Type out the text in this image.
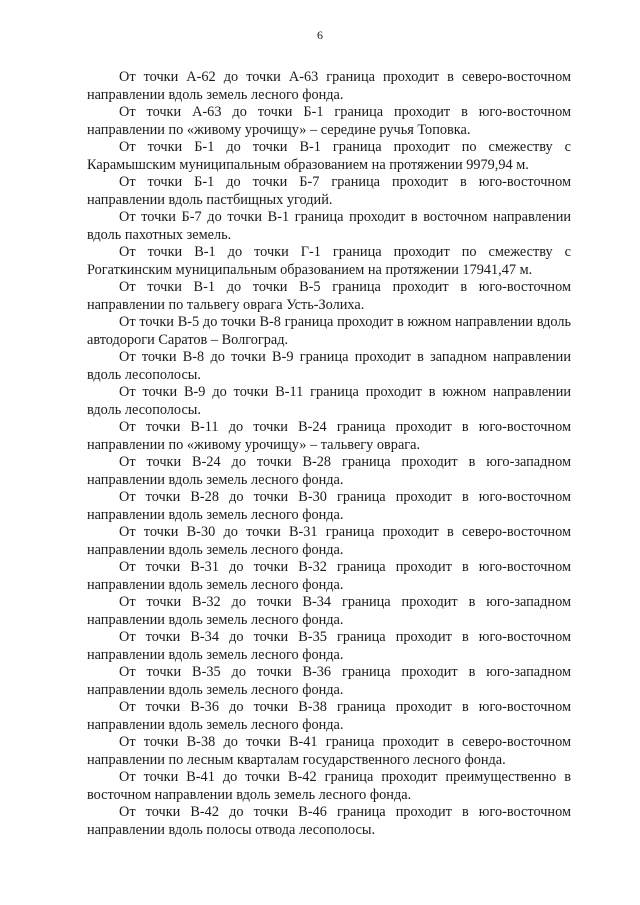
6

От точки А-62 до точки А-63 граница проходит в северо-восточном направлении вдоль земель лесного фонда.

От точки А-63 до точки Б-1 граница проходит в юго-восточном направлении по «живому урочищу» – середине ручья Топовка.

От точки Б-1 до точки В-1 граница проходит по смежеству с Карамышским муниципальным образованием на протяжении 9979,94 м.

От точки Б-1 до точки Б-7 граница проходит в юго-восточном направлении вдоль пастбищных угодий.

От точки Б-7 до точки В-1 граница проходит в восточном направлении вдоль пахотных земель.

От точки В-1 до точки Г-1 граница проходит по смежеству с Рогаткинским муниципальным образованием на протяжении 17941,47 м.

От точки В-1 до точки В-5 граница проходит в юго-восточном направлении по тальвегу оврага Усть-Золиха.

От точки В-5 до точки В-8 граница проходит в южном направлении вдоль автодороги Саратов – Волгоград.

От точки В-8 до точки В-9 граница проходит в западном направлении вдоль лесополосы.

От точки В-9 до точки В-11 граница проходит в южном направлении вдоль лесополосы.

От точки В-11 до точки В-24 граница проходит в юго-восточном направлении по «живому урочищу» – тальвегу оврага.

От точки В-24 до точки В-28 граница проходит в юго-западном направлении вдоль земель лесного фонда.

От точки В-28 до точки В-30 граница проходит в юго-восточном направлении вдоль земель лесного фонда.

От точки В-30 до точки В-31 граница проходит в северо-восточном направлении вдоль земель лесного фонда.

От точки В-31 до точки В-32 граница проходит в юго-восточном направлении вдоль земель лесного фонда.

От точки В-32 до точки В-34 граница проходит в юго-западном направлении вдоль земель лесного фонда.

От точки В-34 до точки В-35 граница проходит в юго-восточном направлении вдоль земель лесного фонда.

От точки В-35 до точки В-36 граница проходит в юго-западном направлении вдоль земель лесного фонда.

От точки В-36 до точки В-38 граница проходит в юго-восточном направлении вдоль земель лесного фонда.

От точки В-38 до точки В-41 граница проходит в северо-восточном направлении по лесным кварталам государственного лесного фонда.

От точки В-41 до точки В-42 граница проходит преимущественно в восточном направлении вдоль земель лесного фонда.

От точки В-42 до точки В-46 граница проходит в юго-восточном направлении вдоль полосы отвода лесополосы.
